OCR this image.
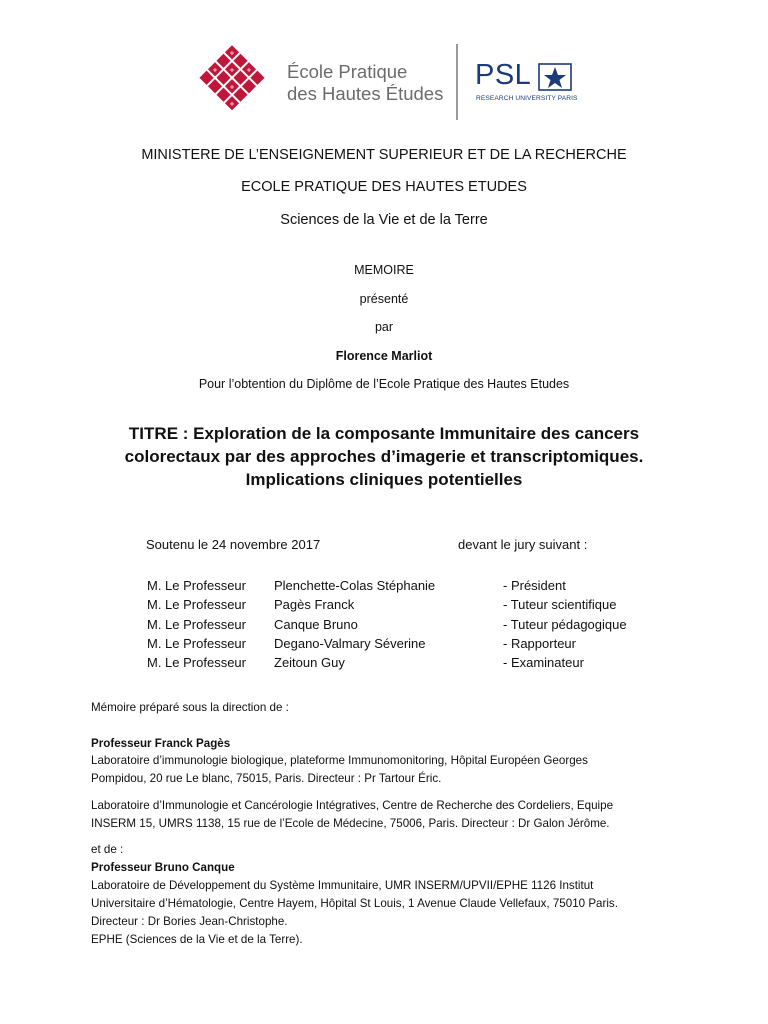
École Pratique
des Hautes Études
PSL
RESEARCH UNIVERSITY PARIS
MINISTERE DE L’ENSEIGNEMENT SUPERIEUR ET DE LA RECHERCHE
ECOLE PRATIQUE DES HAUTES ETUDES
Sciences de la Vie et de la Terre
MEMOIRE
présenté
par
Florence Marliot
Pour l’obtention du Diplôme de l’Ecole Pratique des Hautes Etudes
TITRE : Exploration de la composante Immunitaire des cancers
colorectaux par des approches d’imagerie et transcriptomiques.
Implications cliniques potentielles
Soutenu le 24 novembre 2017	devant le jury suivant :
M. Le Professeur Plenchette-Colas Stéphanie	- Président
M. Le Professeur Pagès Franck	- Tuteur scientifique
M. Le Professeur Canque Bruno	- Tuteur pédagogique
M. Le Professeur Degano-Valmary Séverine	- Rapporteur
M. Le Professeur Zeitoun Guy	- Examinateur
Mémoire préparé sous la direction de :
Professeur Franck Pagès
Laboratoire d’immunologie biologique, plateforme Immunomonitoring, Hôpital Européen Georges
Pompidou, 20 rue Le blanc, 75015, Paris. Directeur : Pr Tartour Éric.
Laboratoire d’Immunologie et Cancérologie Intégratives, Centre de Recherche des Cordeliers, Equipe
INSERM 15, UMRS 1138, 15 rue de l’Ecole de Médecine, 75006, Paris. Directeur : Dr Galon Jérôme.
et de :
Professeur Bruno Canque
Laboratoire de Développement du Système Immunitaire, UMR INSERM/UPVII/EPHE 1126 Institut
Universitaire d’Hématologie, Centre Hayem, Hôpital St Louis, 1 Avenue Claude Vellefaux, 75010 Paris.
Directeur : Dr Bories Jean-Christophe.
EPHE (Sciences de la Vie et de la Terre).
